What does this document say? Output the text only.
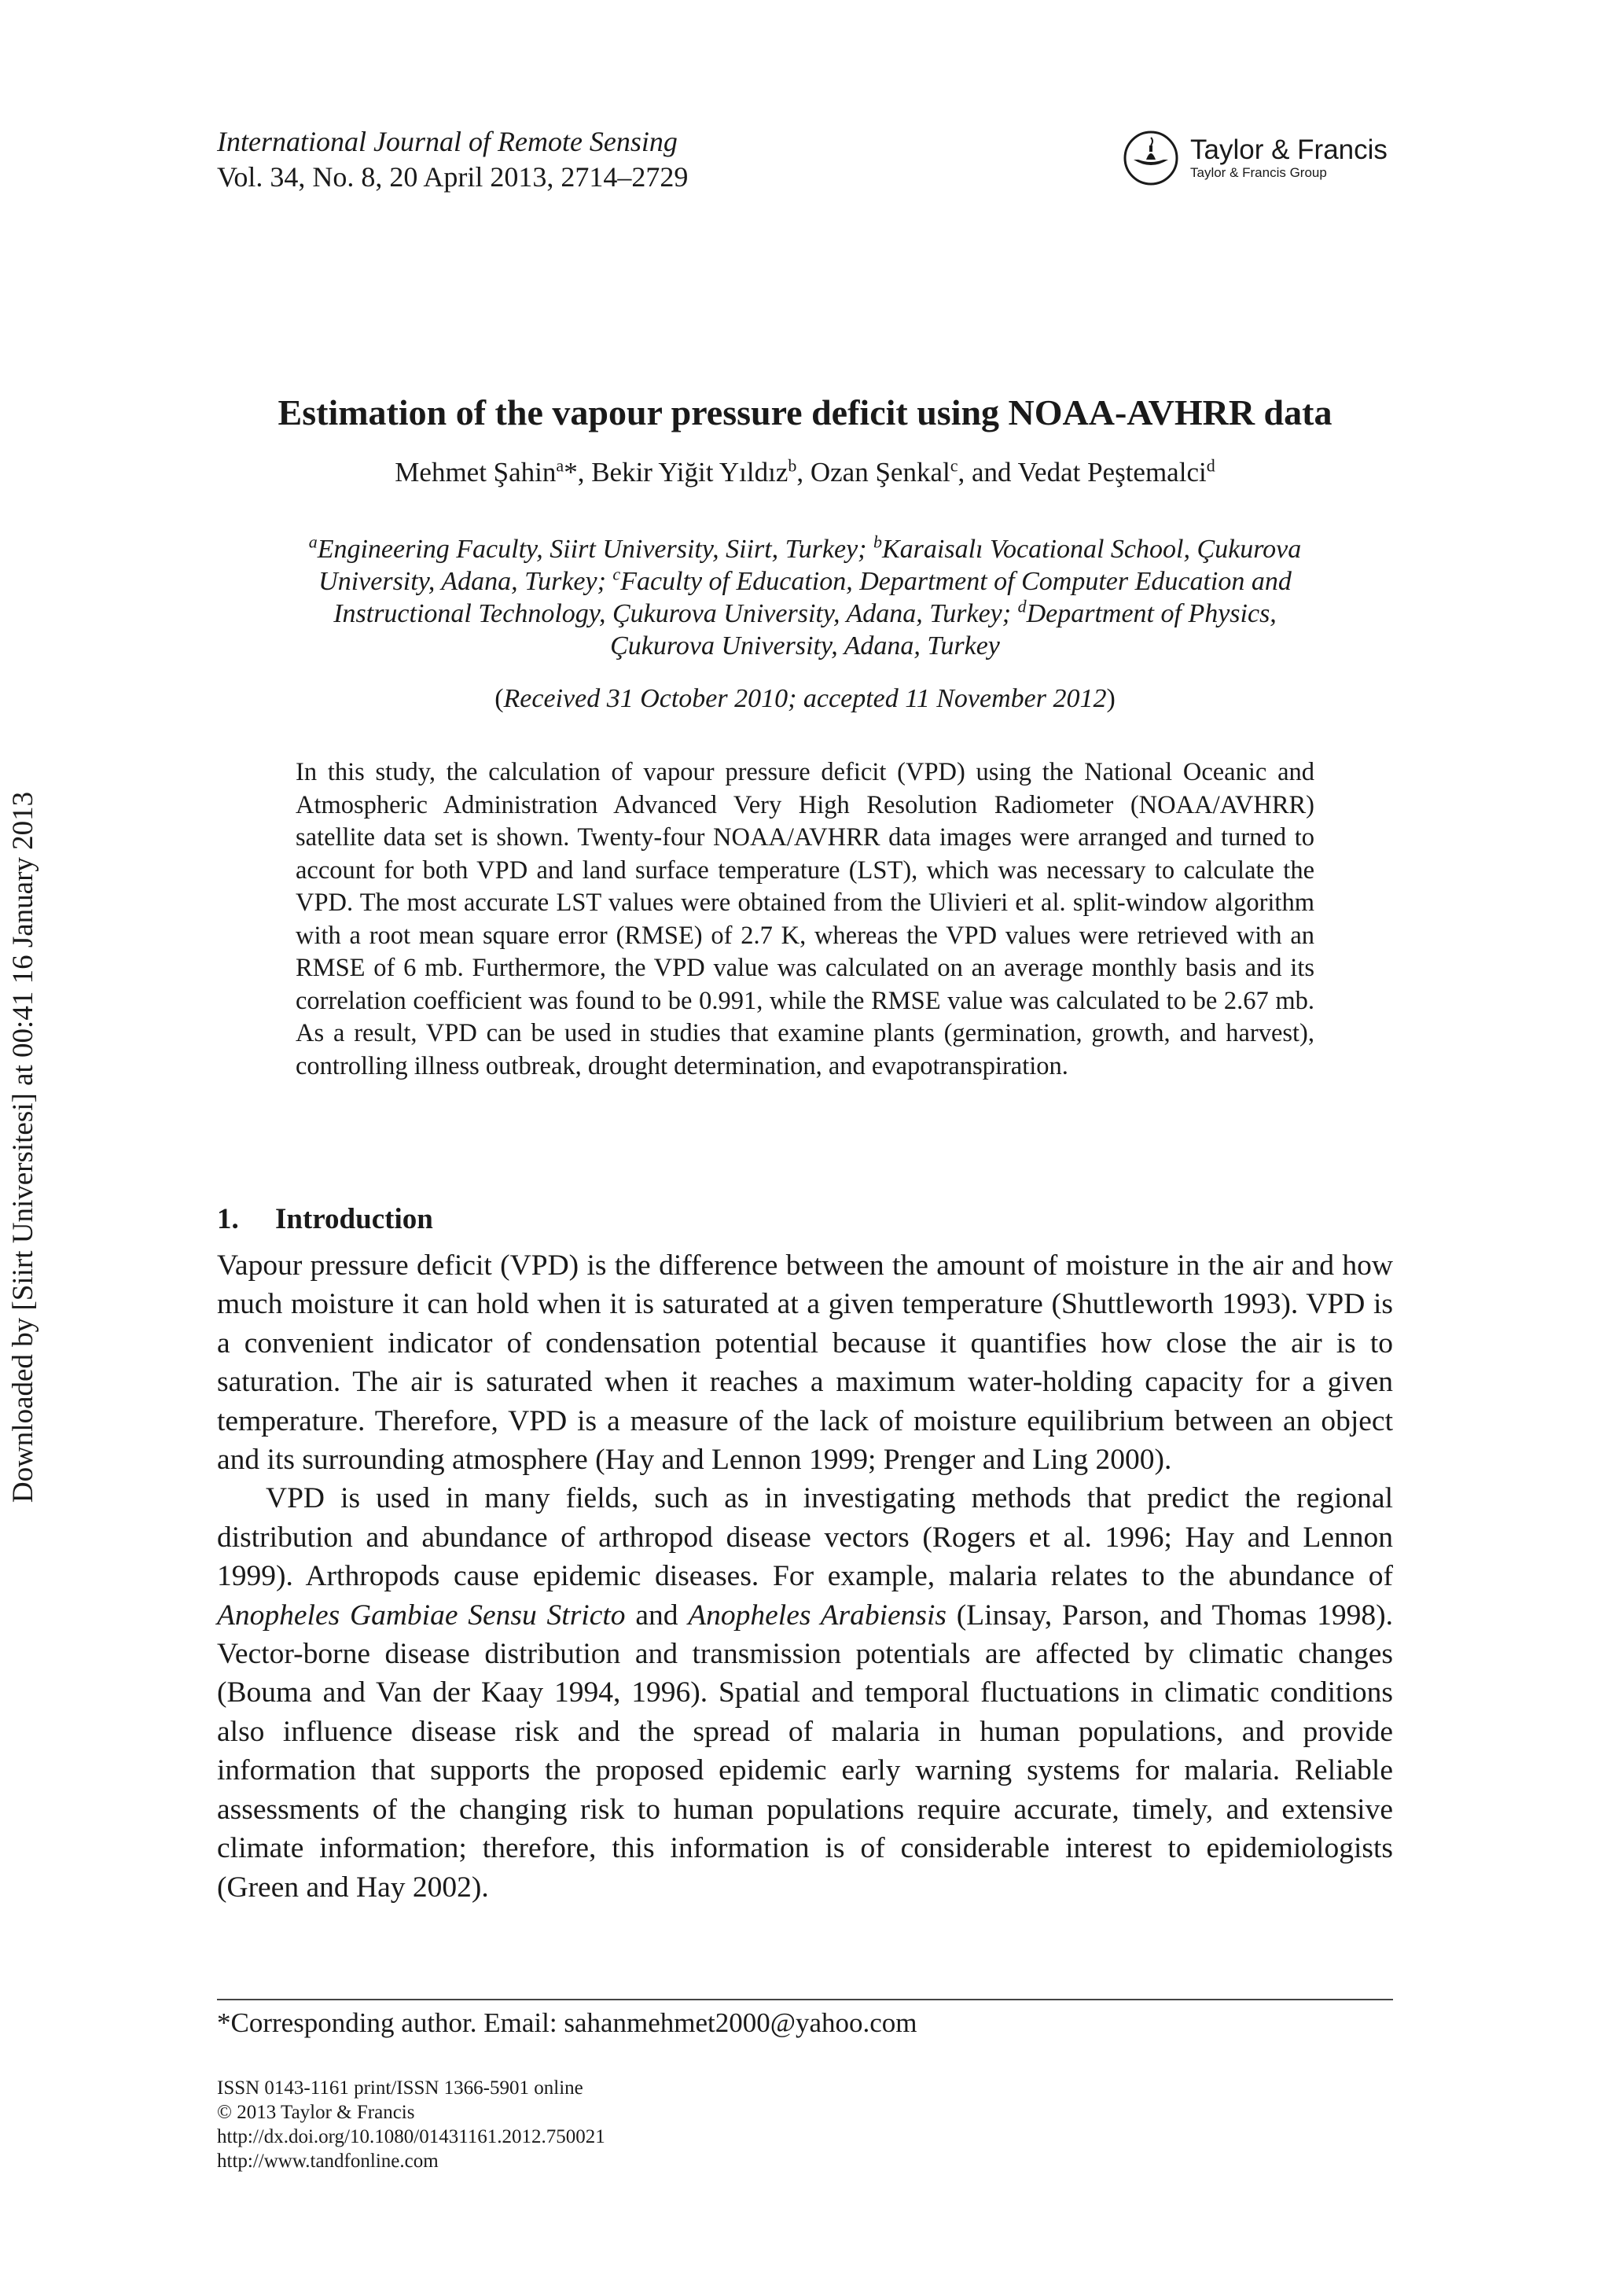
Downloaded by [Siirt Universitesi] at 00:41 16 January 2013
International Journal of Remote Sensing
Vol. 34, No. 8, 20 April 2013, 2714–2729
Taylor & Francis
Taylor & Francis Group
Estimation of the vapour pressure deficit using NOAA-AVHRR data
Mehmet Şahin$^a$*, Bekir Yiğit Yıldız$^b$, Ozan Şenkal$^c$, and Vedat Peştemalci$^d$
$^a$Engineering Faculty, Siirt University, Siirt, Turkey; $^b$Karaisalı Vocational School, Çukurova
University, Adana, Turkey; $^c$Faculty of Education, Department of Computer Education and
Instructional Technology, Çukurova University, Adana, Turkey; $^d$Department of Physics,
Çukurova University, Adana, Turkey
(Received 31 October 2010; accepted 11 November 2012)
In this study, the calculation of vapour pressure deficit (VPD) using the National Oceanic and Atmospheric Administration Advanced Very High Resolution Radiometer (NOAA/AVHRR) satellite data set is shown. Twenty-four NOAA/AVHRR data images were arranged and turned to account for both VPD and land surface temperature (LST), which was necessary to calculate the VPD. The most accurate LST values were obtained from the Ulivieri et al. split-window algorithm with a root mean square error (RMSE) of 2.7 K, whereas the VPD values were retrieved with an RMSE of 6 mb. Furthermore, the VPD value was calculated on an average monthly basis and its correlation coefficient was found to be 0.991, while the RMSE value was calculated to be 2.67 mb. As a result, VPD can be used in studies that examine plants (germination, growth, and harvest), controlling illness outbreak, drought determination, and evapotranspiration.
1. Introduction

Vapour pressure deficit (VPD) is the difference between the amount of moisture in the air and how much moisture it can hold when it is saturated at a given temperature (Shuttleworth 1993). VPD is a convenient indicator of condensation potential because it quantifies how close the air is to saturation. The air is saturated when it reaches a maximum water-holding capacity for a given temperature. Therefore, VPD is a measure of the lack of moisture equilibrium between an object and its surrounding atmosphere (Hay and Lennon 1999; Prenger and Ling 2000).

VPD is used in many fields, such as in investigating methods that predict the regional distribution and abundance of arthropod disease vectors (Rogers et al. 1996; Hay and Lennon 1999). Arthropods cause epidemic diseases. For example, malaria relates to the abundance of Anopheles Gambiae Sensu Stricto and Anopheles Arabiensis (Linsay, Parson, and Thomas 1998). Vector-borne disease distribution and transmission potentials are affected by climatic changes (Bouma and Van der Kaay 1994, 1996). Spatial and temporal fluctuations in climatic conditions also influence disease risk and the spread of malaria in human populations, and provide information that supports the proposed epidemic early warning systems for malaria. Reliable assessments of the changing risk to human populations require accurate, timely, and extensive climate information; therefore, this information is of considerable interest to epidemiologists (Green and Hay 2002).

*Corresponding author. Email: sahanmehmet2000@yahoo.com
ISSN 0143-1161 print/ISSN 1366-5901 online
© 2013 Taylor & Francis
http://dx.doi.org/10.1080/01431161.2012.750021
http://www.tandfonline.com
